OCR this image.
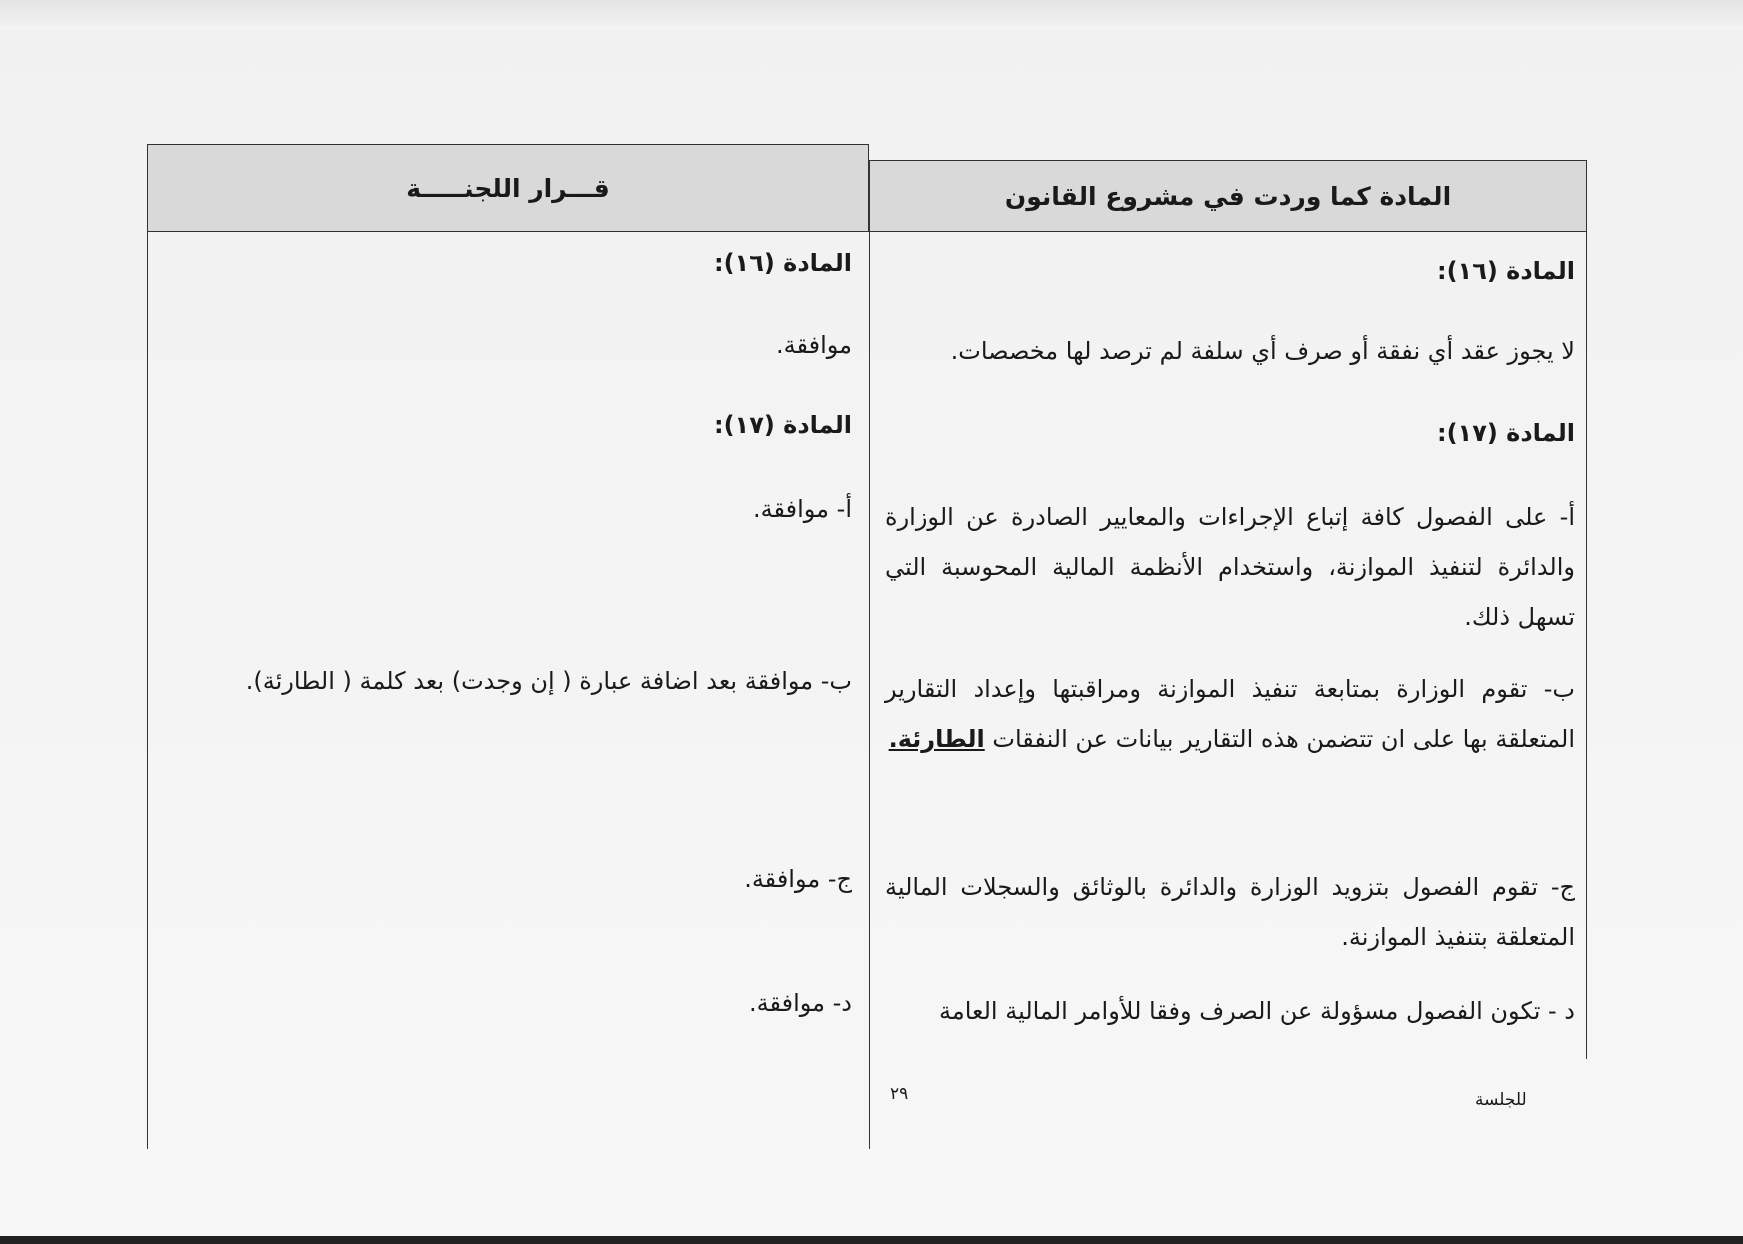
المادة كما وردت في مشروع القانون
قـــرار اللجنـــــة
المادة (١٦):
المادة (١٦):
لا يجوز عقد أي نفقة أو صرف أي سلفة لم ترصد لها مخصصات.
موافقة.
المادة (١٧):
المادة (١٧):
أ- على الفصول كافة إتباع الإجراءات والمعايير الصادرة عن الوزارة والدائرة لتنفيذ الموازنة، واستخدام الأنظمة المالية المحوسبة التي تسهل ذلك.
أ- موافقة.
ب- تقوم الوزارة بمتابعة تنفيذ الموازنة ومراقبتها وإعداد التقارير المتعلقة بها على ان تتضمن هذه التقارير بيانات عن النفقات الطارئة.
ب- موافقة بعد اضافة عبارة ( إن وجدت) بعد كلمة ( الطارئة).
ج- تقوم الفصول بتزويد الوزارة والدائرة بالوثائق والسجلات المالية المتعلقة بتنفيذ الموازنة.
ج- موافقة.
د - تكون الفصول مسؤولة عن الصرف وفقا للأوامر المالية العامة
د- موافقة.
٢٩	للجلسة
